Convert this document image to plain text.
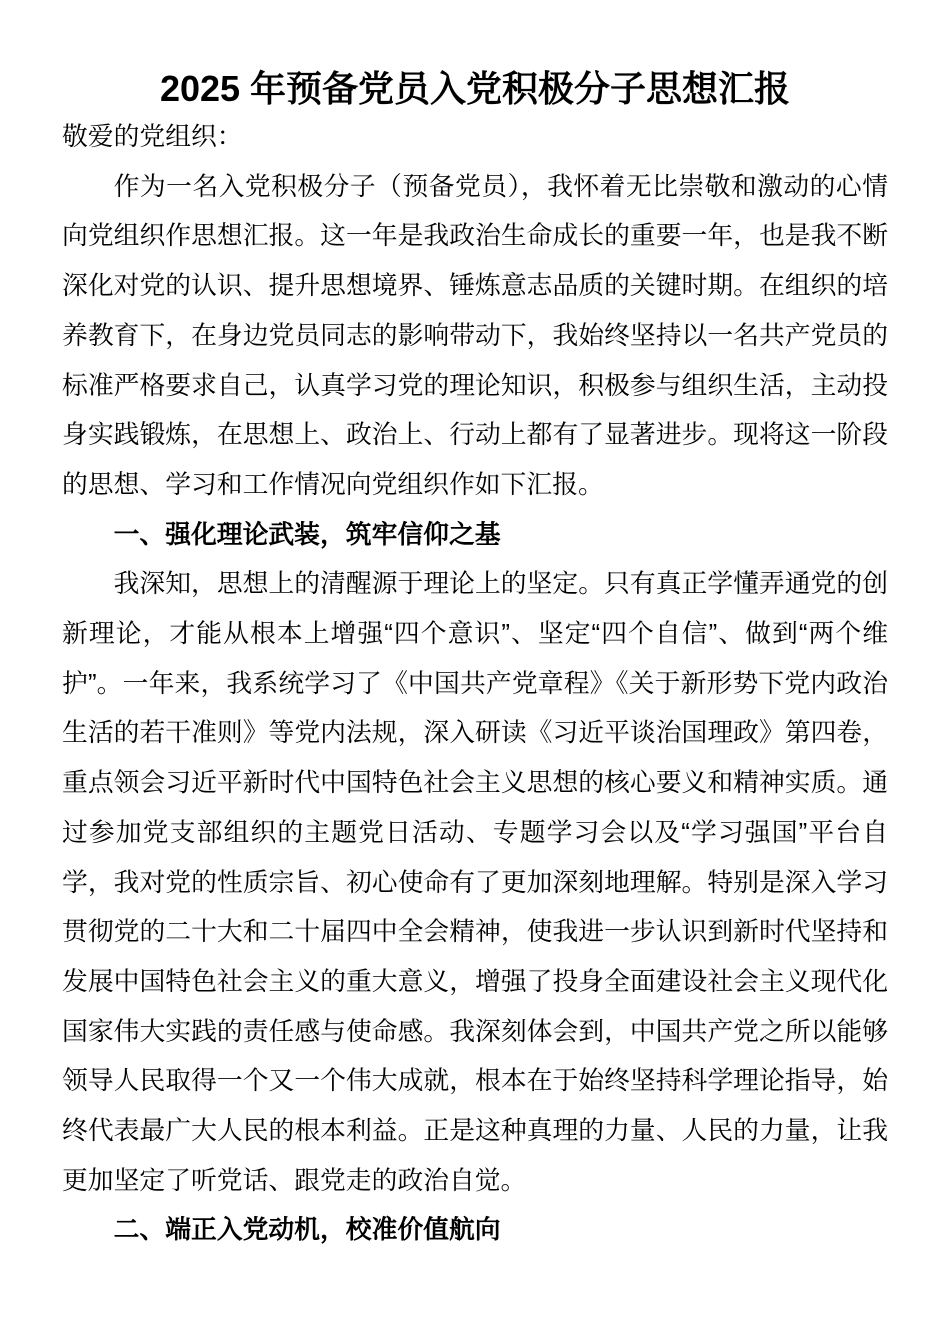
2025 年预备党员入党积极分子思想汇报

敬爱的党组织：

作为一名入党积极分子（预备党员），我怀着无比崇敬和激动的心情向党组织作思想汇报。这一年是我政治生命成长的重要一年，也是我不断深化对党的认识、提升思想境界、锤炼意志品质的关键时期。在组织的培养教育下，在身边党员同志的影响带动下，我始终坚持以一名共产党员的标准严格要求自己，认真学习党的理论知识，积极参与组织生活，主动投身实践锻炼，在思想上、政治上、行动上都有了显著进步。现将这一阶段的思想、学习和工作情况向党组织作如下汇报。

一、强化理论武装，筑牢信仰之基

我深知，思想上的清醒源于理论上的坚定。只有真正学懂弄通党的创新理论，才能从根本上增强“四个意识”、坚定“四个自信”、做到“两个维护”。一年来，我系统学习了《中国共产党章程》《关于新形势下党内政治生活的若干准则》等党内法规，深入研读《习近平谈治国理政》第四卷，重点领会习近平新时代中国特色社会主义思想的核心要义和精神实质。通过参加党支部组织的主题党日活动、专题学习会以及“学习强国”平台自学，我对党的性质宗旨、初心使命有了更加深刻地理解。特别是深入学习贯彻党的二十大和二十届四中全会精神，使我进一步认识到新时代坚持和发展中国特色社会主义的重大意义，增强了投身全面建设社会主义现代化国家伟大实践的责任感与使命感。我深刻体会到，中国共产党之所以能够领导人民取得一个又一个伟大成就，根本在于始终坚持科学理论指导，始终代表最广大人民的根本利益。正是这种真理的力量、人民的力量，让我更加坚定了听党话、跟党走的政治自觉。

二、端正入党动机，校准价值航向
